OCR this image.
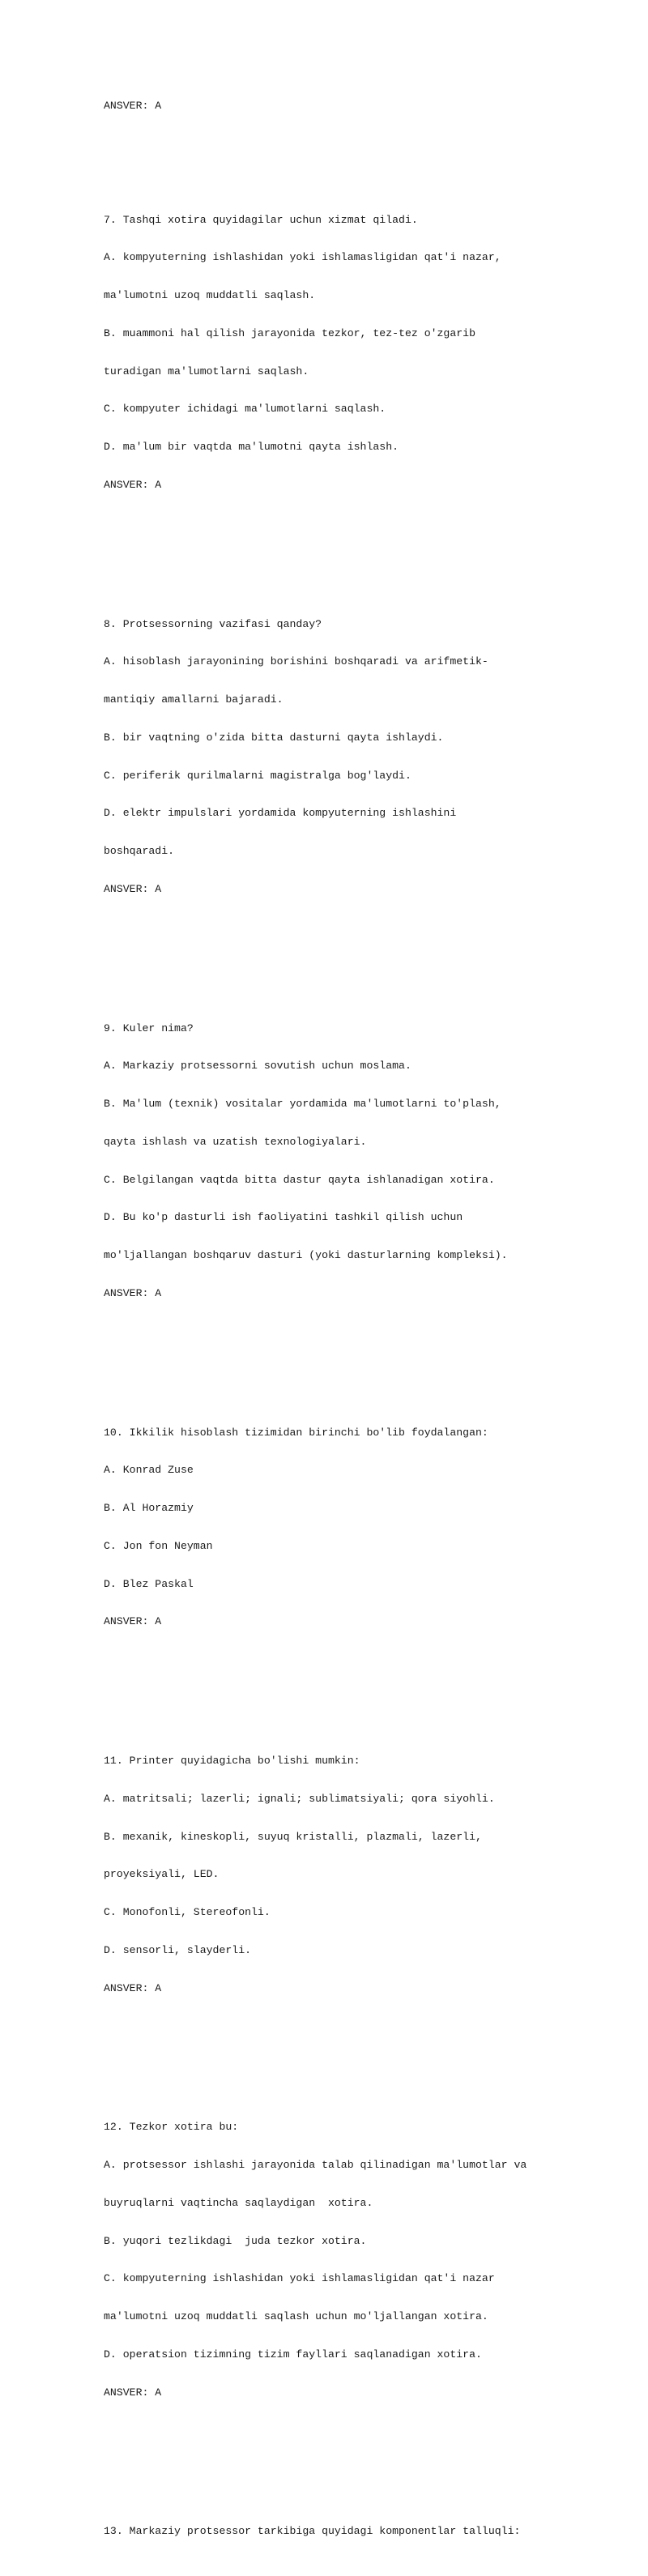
ANSVER: A

7. Tashqi xotira quyidagilar uchun xizmat qiladi.

A. kompyuterning ishlashidan yoki ishlamasligidan qat'i nazar,

ma'lumotni uzoq muddatli saqlash.

B. muammoni hal qilish jarayonida tezkor, tez-tez o'zgarib

turadigan ma'lumotlarni saqlash.

C. kompyuter ichidagi ma'lumotlarni saqlash.

D. ma'lum bir vaqtda ma'lumotni qayta ishlash.

ANSVER: A

8. Protsessorning vazifasi qanday?

A. hisoblash jarayonining borishini boshqaradi va arifmetik-

mantiqiy amallarni bajaradi.

B. bir vaqtning o'zida bitta dasturni qayta ishlaydi.

C. periferik qurilmalarni magistralga bog'laydi.

D. elektr impulslari yordamida kompyuterning ishlashini

boshqaradi.

ANSVER: A

9. Kuler nima?

A. Markaziy protsessorni sovutish uchun moslama.

B. Ma'lum (texnik) vositalar yordamida ma'lumotlarni to'plash,

qayta ishlash va uzatish texnologiyalari.

C. Belgilangan vaqtda bitta dastur qayta ishlanadigan xotira.

D. Bu ko'p dasturli ish faoliyatini tashkil qilish uchun

mo'ljallangan boshqaruv dasturi (yoki dasturlarning kompleksi).

ANSVER: A

10. Ikkilik hisoblash tizimidan birinchi bo'lib foydalangan:

A. Konrad Zuse

B. Al Horazmiy

C. Jon fon Neyman

D. Blez Paskal

ANSVER: A

11. Printer quyidagicha bo'lishi mumkin:

A. matritsali; lazerli; ignali; sublimatsiyali; qora siyohli.

B. mexanik, kineskopli, suyuq kristalli, plazmali, lazerli,

proyeksiyali, LED.

C. Monofonli, Stereofonli.

D. sensorli, slayderli.

ANSVER: A

12. Tezkor xotira bu:

A. protsessor ishlashi jarayonida talab qilinadigan ma'lumotlar va

buyruqlarni vaqtincha saqlaydigan  xotira.

B. yuqori tezlikdagi  juda tezkor xotira.

C. kompyuterning ishlashidan yoki ishlamasligidan qat'i nazar

ma'lumotni uzoq muddatli saqlash uchun mo'ljallangan xotira.

D. operatsion tizimning tizim fayllari saqlanadigan xotira.

ANSVER: A

13. Markaziy protsessor tarkibiga quyidagi komponentlar talluqli:
